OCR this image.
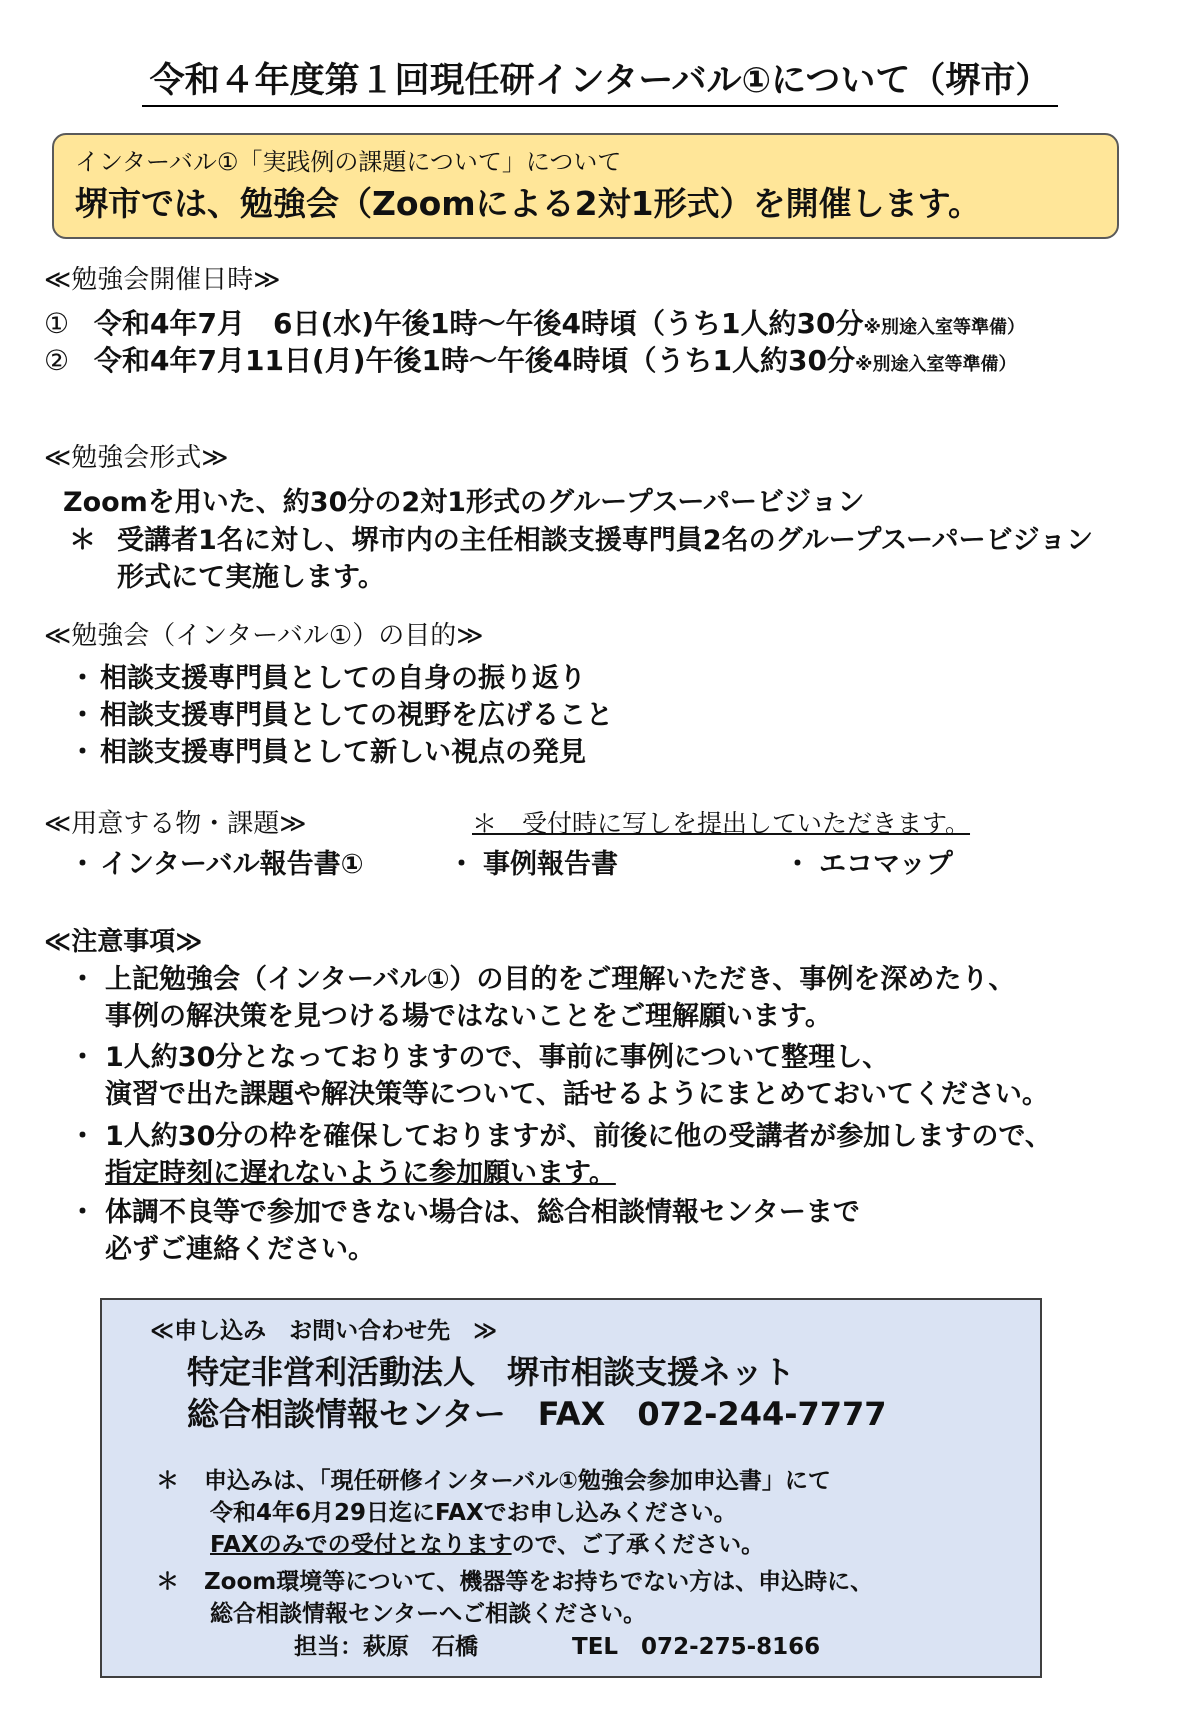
令和４年度第１回現任研インターバル①について（堺市）
インターバル①「実践例の課題について」について
堺市では、勉強会（Zoomによる2対1形式）を開催します。
≪勉強会開催日時≫
① 令和4年7月　6日(水)午後1時～午後4時頃（うち1人約30分 ※別途入室等準備）
② 令和4年7月11日(月)午後1時～午後4時頃（うち1人約30分 ※別途入室等準備）
≪勉強会形式≫
Zoomを用いた、約30分の2対1形式のグループスーパービジョン
＊ 受講者1名に対し、堺市内の主任相談支援専門員2名のグループスーパービジョン
形式にて実施します。
≪勉強会（インターバル①）の目的≫
・ 相談支援専門員としての自身の振り返り
・ 相談支援専門員としての視野を広げること
・ 相談支援専門員として新しい視点の発見
≪用意する物・課題≫	＊　受付時に写しを提出していただきます。
・ インターバル報告書①	・ 事例報告書	・ エコマップ
≪注意事項≫
・ 上記勉強会（インターバル①）の目的をご理解いただき、事例を深めたり、
事例の解決策を見つける場ではないことをご理解願います。
・ 1人約30分となっておりますので、事前に事例について整理し、
演習で出た課題や解決策等について、話せるようにまとめておいてください。
・ 1人約30分の枠を確保しておりますが、前後に他の受講者が参加しますので、
指定時刻に遅れないように参加願います。
・ 体調不良等で参加できない場合は、総合相談情報センターまで
必ずご連絡ください。
≪申し込み　お問い合わせ先　≫
特定非営利活動法人　堺市相談支援ネット
総合相談情報センター　FAX　072-244-7777
＊	申込みは、「現任研修インターバル①勉強会参加申込書」にて
令和4年6月29日迄にFAXでお申し込みください。
FAXのみでの受付となりますので、ご了承ください。
＊	Zoom環境等について、機器等をお持ちでない方は、申込時に、
総合相談情報センターへご相談ください。
担当：萩原　石橋	TEL　072-275-8166
